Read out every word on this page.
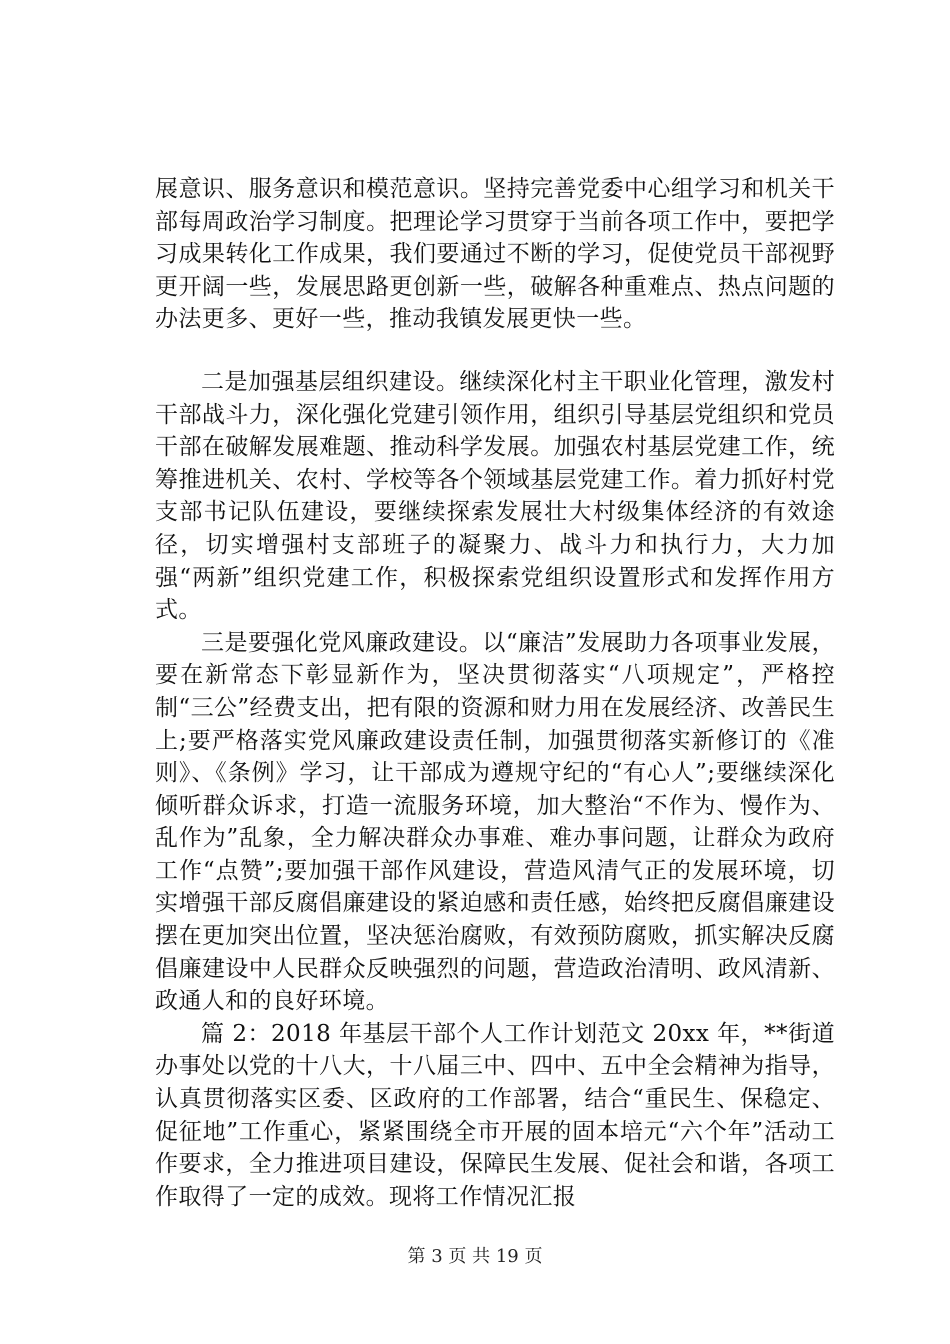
展意识、服务意识和模范意识。坚持完善党委中心组学习和机关干部每周政治学习制度。把理论学习贯穿于当前各项工作中，要把学习成果转化工作成果，我们要通过不断的学习，促使党员干部视野更开阔一些，发展思路更创新一些，破解各种重难点、热点问题的办法更多、更好一些，推动我镇发展更快一些。

二是加强基层组织建设。继续深化村主干职业化管理，激发村干部战斗力，深化强化党建引领作用，组织引导基层党组织和党员干部在破解发展难题、推动科学发展。加强农村基层党建工作，统筹推进机关、农村、学校等各个领域基层党建工作。着力抓好村党支部书记队伍建设，要继续探索发展壮大村级集体经济的有效途径，切实增强村支部班子的凝聚力、战斗力和执行力，大力加强“两新”组织党建工作，积极探索党组织设置形式和发挥作用方式。

三是要强化党风廉政建设。以“廉洁”发展助力各项事业发展，要在新常态下彰显新作为，坚决贯彻落实“八项规定”，严格控制“三公”经费支出，把有限的资源和财力用在发展经济、改善民生上;要严格落实党风廉政建设责任制，加强贯彻落实新修订的《准则》、《条例》学习，让干部成为遵规守纪的“有心人”;要继续深化倾听群众诉求，打造一流服务环境，加大整治“不作为、慢作为、乱作为”乱象，全力解决群众办事难、难办事问题，让群众为政府工作“点赞”;要加强干部作风建设，营造风清气正的发展环境，切实增强干部反腐倡廉建设的紧迫感和责任感，始终把反腐倡廉建设摆在更加突出位置，坚决惩治腐败，有效预防腐败，抓实解决反腐倡廉建设中人民群众反映强烈的问题，营造政治清明、政风清新、政通人和的良好环境。

篇 2：2018 年基层干部个人工作计划范文 20xx 年，**街道办事处以党的十八大，十八届三中、四中、五中全会精神为指导，认真贯彻落实区委、区政府的工作部署，结合“重民生、保稳定、促征地”工作重心，紧紧围绕全市开展的固本培元“六个年”活动工作要求，全力推进项目建设，保障民生发展、促社会和谐，各项工作取得了一定的成效。现将工作情况汇报

第 3 页 共 19 页
